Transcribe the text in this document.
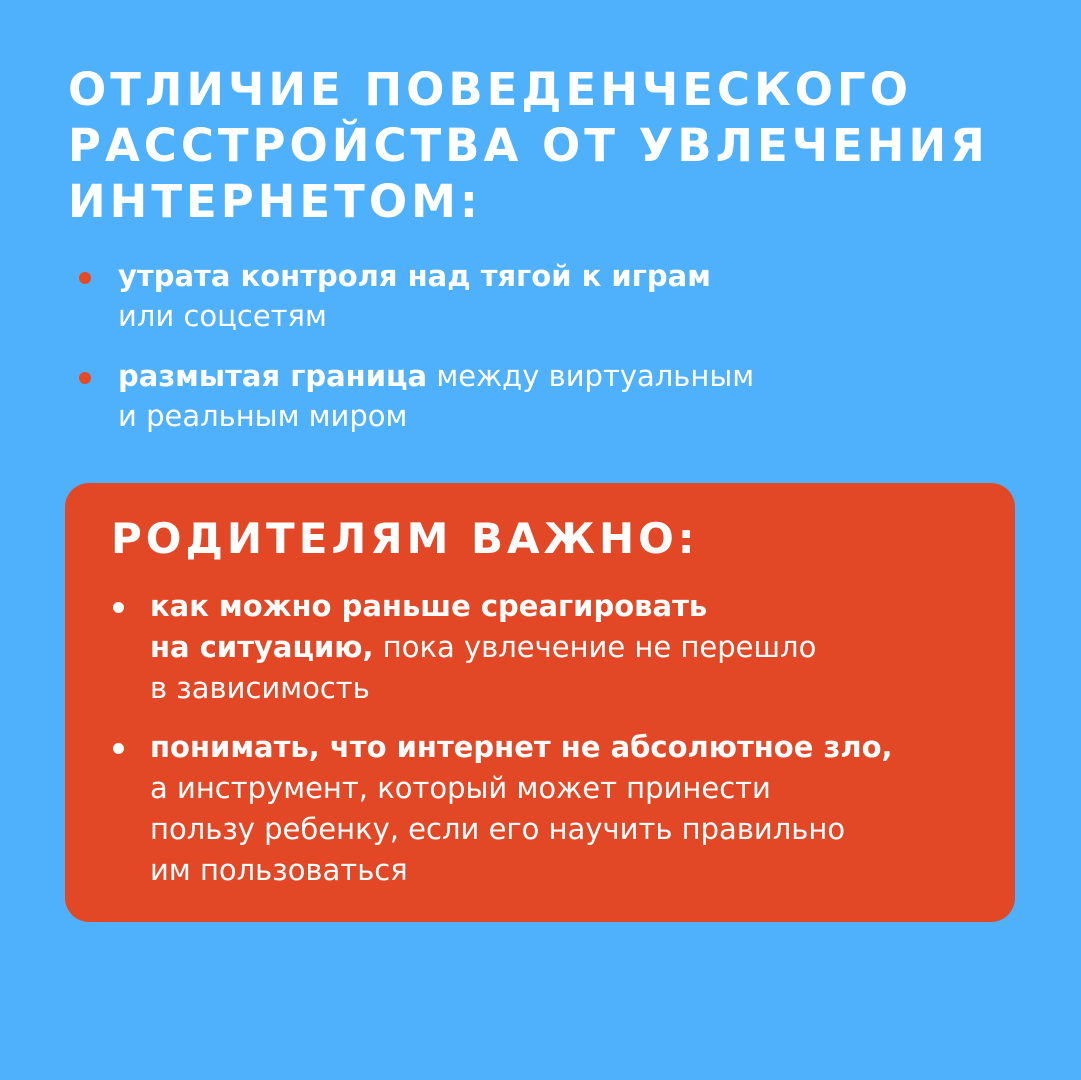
ОТЛИЧИЕ ПОВЕДЕНЧЕСКОГО
РАССТРОЙСТВА ОТ УВЛЕЧЕНИЯ
ИНТЕРНЕТОМ:
утрата контроля над тягой к играм
или соцсетям
размытая граница между виртуальным
и реальным миром
РОДИТЕЛЯМ ВАЖНО:
как можно раньше среагировать
на ситуацию, пока увлечение не перешло
в зависимость
понимать, что интернет не абсолютное зло,
а инструмент, который может принести
пользу ребенку, если его научить правильно
им пользоваться
